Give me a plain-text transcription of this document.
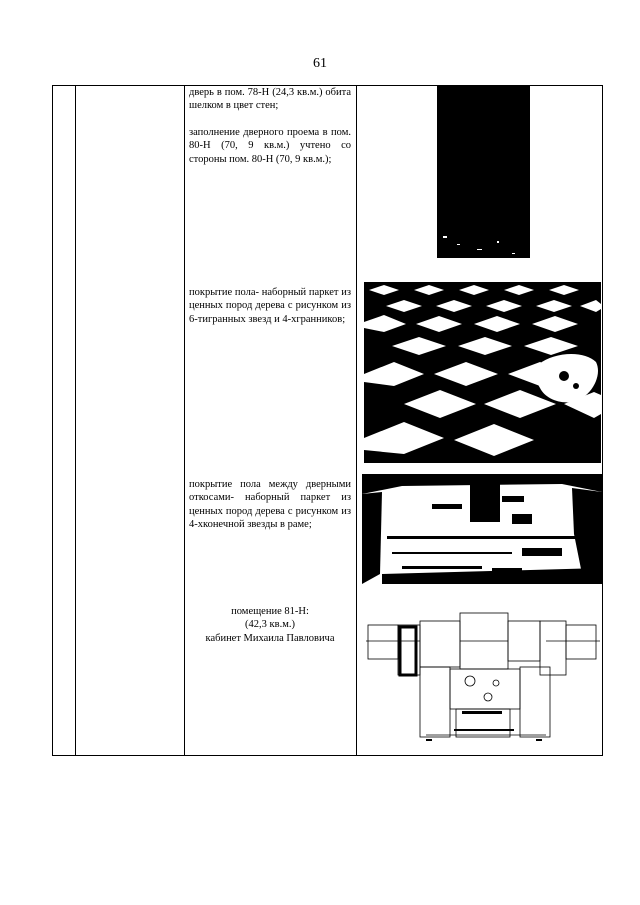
61

дверь в пом. 78-Н (24,3 кв.м.) обита шелком в цвет стен;

заполнение дверного проема в пом. 80-Н (70, 9 кв.м.) учтено со стороны пом. 80-Н (70, 9 кв.м.);

покрытие пола- наборный паркет из ценных пород дерева с рисунком из 6-тигранных звезд и 4-хгранников;

покрытие пола между дверными откосами- наборный паркет из ценных пород дерева с рисунком из 4-хконечной звезды в раме;

помещение 81-Н:
(42,3 кв.м.)
кабинет Михаила Павловича
